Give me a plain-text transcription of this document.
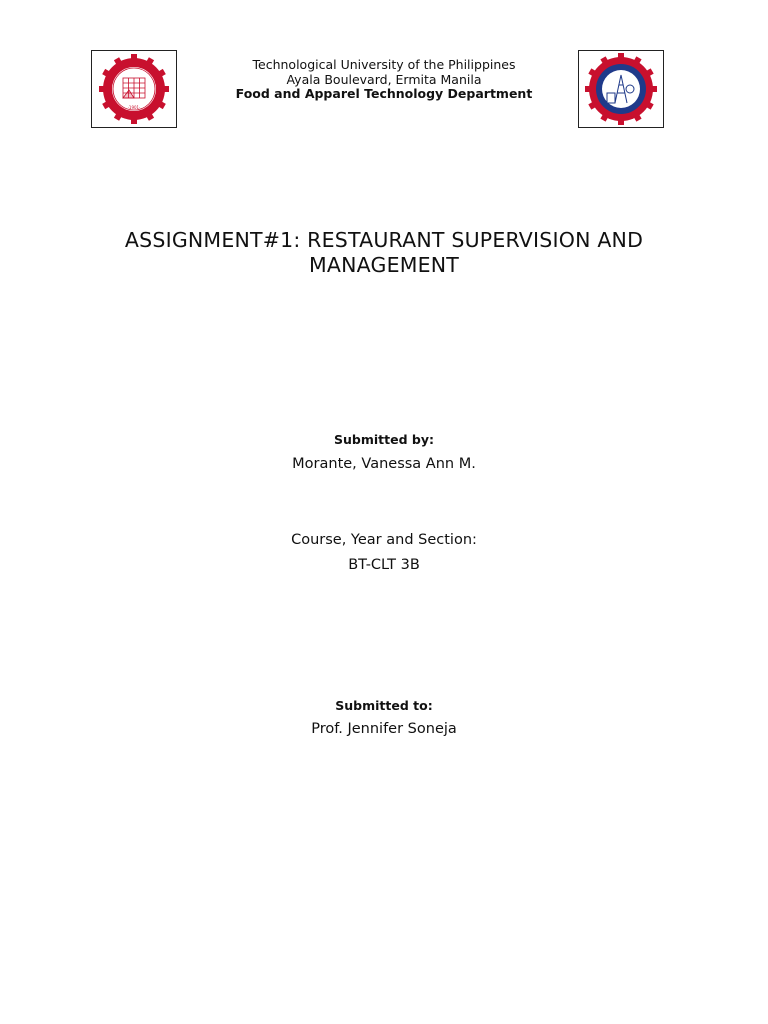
·1901·
Technological University of the Philippines
Ayala Boulevard, Ermita Manila
Food and Apparel Technology Department
ASSIGNMENT#1: RESTAURANT SUPERVISION AND
MANAGEMENT
Submitted by:
Morante, Vanessa Ann M.
Course, Year and Section:
BT-CLT 3B
Submitted to:
Prof. Jennifer Soneja
